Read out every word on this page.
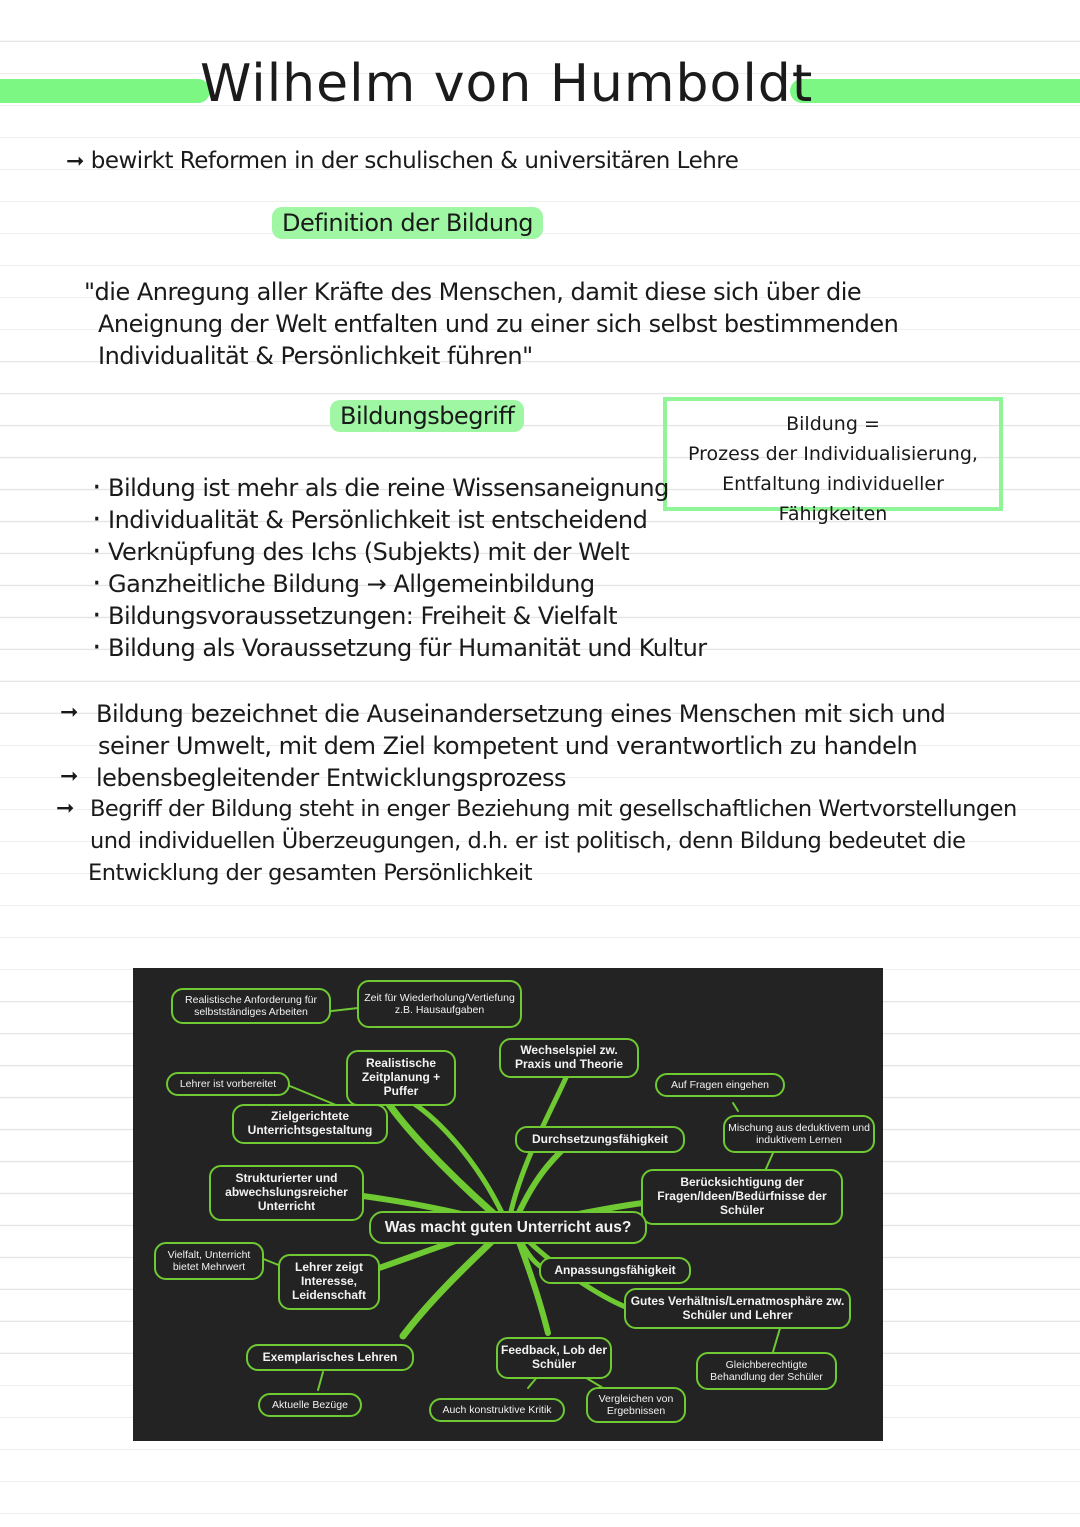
Wilhelm von Humboldt
➞ bewirkt Reformen in der schulischen & universitären Lehre
Definition der Bildung
"die Anregung aller Kräfte des Menschen, damit diese sich über die
Aneignung der Welt entfalten und zu einer sich selbst bestimmenden
Individualität & Persönlichkeit führen"
Bildungsbegriff	Bildung =
Prozess der Individualisierung,
Entfaltung individueller Fähigkeiten
· Bildung ist mehr als die reine Wissensaneignung
· Individualität & Persönlichkeit ist entscheidend
· Verknüpfung des Ichs (Subjekts) mit der Welt
· Ganzheitliche Bildung → Allgemeinbildung
· Bildungsvoraussetzungen: Freiheit & Vielfalt
· Bildung als Voraussetzung für Humanität und Kultur
➞ Bildung bezeichnet die Auseinandersetzung eines Menschen mit sich und
seiner Umwelt, mit dem Ziel kompetent und verantwortlich zu handeln
➞ lebensbegleitender Entwicklungsprozess
➞ Begriff der Bildung steht in enger Beziehung mit gesellschaftlichen Wertvorstellungen
und individuellen Überzeugungen, d.h. er ist politisch, denn Bildung bedeutet die
Entwicklung der gesamten Persönlichkeit
Realistische Anforderung für selbstständiges Arbeiten
Zeit für Wiederholung/Vertiefung z.B. Hausaufgaben
Lehrer ist vorbereitet
Realistische Zeitplanung + Puffer
Wechselspiel zw. Praxis und Theorie
Auf Fragen eingehen
Zielgerichtete Unterrichtsgestaltung
Durchsetzungsfähigkeit
Mischung aus deduktivem und induktivem Lernen
Strukturierter und abwechslungsreicher Unterricht
Berücksichtigung der Fragen/Ideen/Bedürfnisse der Schüler
Was macht guten Unterricht aus?
Vielfalt, Unterricht bietet Mehrwert	Lehrer zeigt Interesse, Leidenschaft
Anpassungsfähigkeit
Gutes Verhältnis/Lernatmosphäre zw. Schüler und Lehrer
Exemplarisches Lehren	Feedback, Lob der Schüler	Gleichberechtigte Behandlung der Schüler
Aktuelle Bezüge	Auch konstruktive Kritik
Vergleichen von Ergebnissen
